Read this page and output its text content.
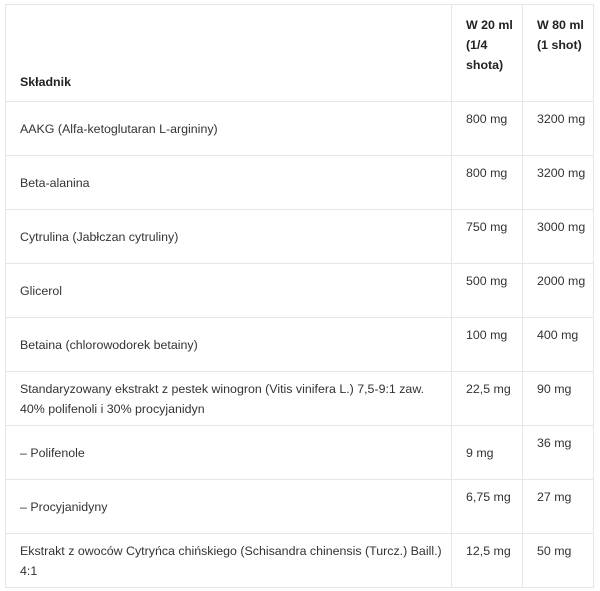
Składnik	W 20 ml (1/4 shota)	W 80 ml (1 shot)
AAKG (Alfa-ketoglutaran L-argininy)	800 mg	3200 mg
Beta-alanina	800 mg	3200 mg
Cytrulina (Jabłczan cytruliny)	750 mg	3000 mg
Glicerol	500 mg	2000 mg
Betaina (chlorowodorek betainy)	100 mg	400 mg
Standaryzowany ekstrakt z pestek winogron (Vitis vinifera L.) 7,5-9:1 zaw. 40% polifenoli i 30% procyjanidyn	22,5 mg	90 mg
– Polifenole	9 mg	36 mg
– Procyjanidyny	6,75 mg	27 mg
Ekstrakt z owoców Cytryńca chińskiego (Schisandra chinensis (Turcz.) Baill.) 4:1	12,5 mg	50 mg
